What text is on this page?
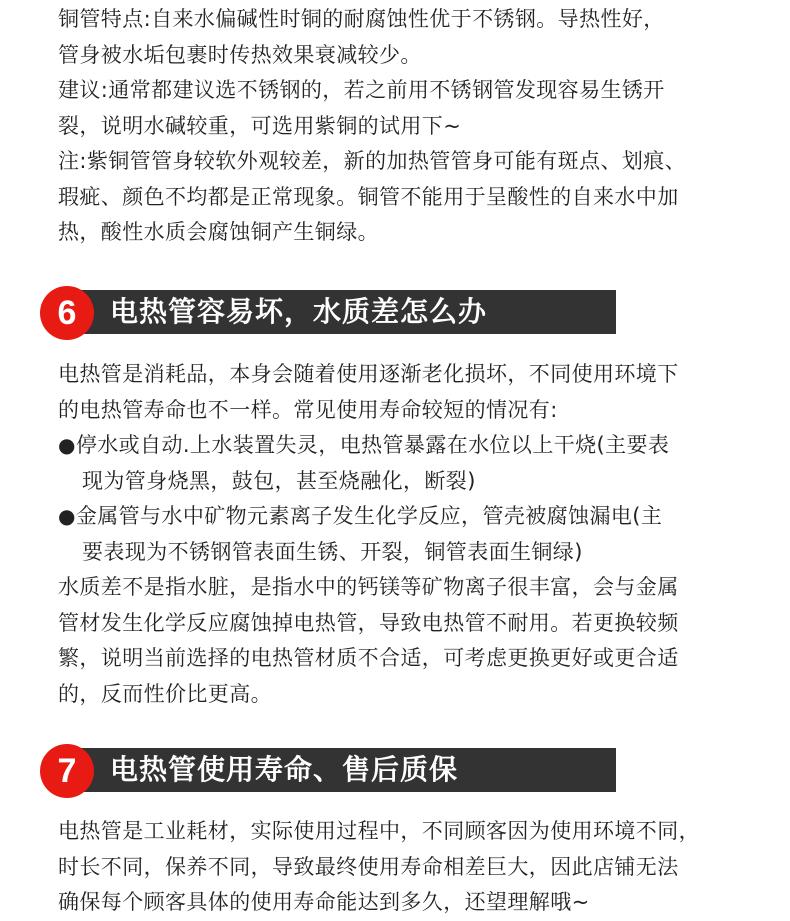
铜管特点:自来水偏碱性时铜的耐腐蚀性优于不锈钢。导热性好，
管身被水垢包裹时传热效果衰减较少。
建议:通常都建议选不锈钢的，若之前用不锈钢管发现容易生锈开
裂，说明水碱较重，可选用紫铜的试用下~
注:紫铜管管身较软外观较差，新的加热管管身可能有斑点、划痕、
瑕疵、颜色不均都是正常现象。铜管不能用于呈酸性的自来水中加
热，酸性水质会腐蚀铜产生铜绿。
6	电热管容易坏，水质差怎么办
电热管是消耗品，本身会随着使用逐渐老化损坏，不同使用环境下
的电热管寿命也不一样。常见使用寿命较短的情况有:
●停水或自动.上水装置失灵，电热管暴露在水位以上干烧(主要表
现为管身烧黑，鼓包，甚至烧融化，断裂)
●金属管与水中矿物元素离子发生化学反应，管壳被腐蚀漏电(主
要表现为不锈钢管表面生锈、开裂，铜管表面生铜绿)
水质差不是指水脏，是指水中的钙镁等矿物离子很丰富，会与金属
管材发生化学反应腐蚀掉电热管，导致电热管不耐用。若更换较频
繁，说明当前选择的电热管材质不合适，可考虑更换更好或更合适
的，反而性价比更高。
7	电热管使用寿命、售后质保
电热管是工业耗材，实际使用过程中，不同顾客因为使用环境不同，
时长不同，保养不同，导致最终使用寿命相差巨大，因此店铺无法
确保每个顾客具体的使用寿命能达到多久，还望理解哦~
